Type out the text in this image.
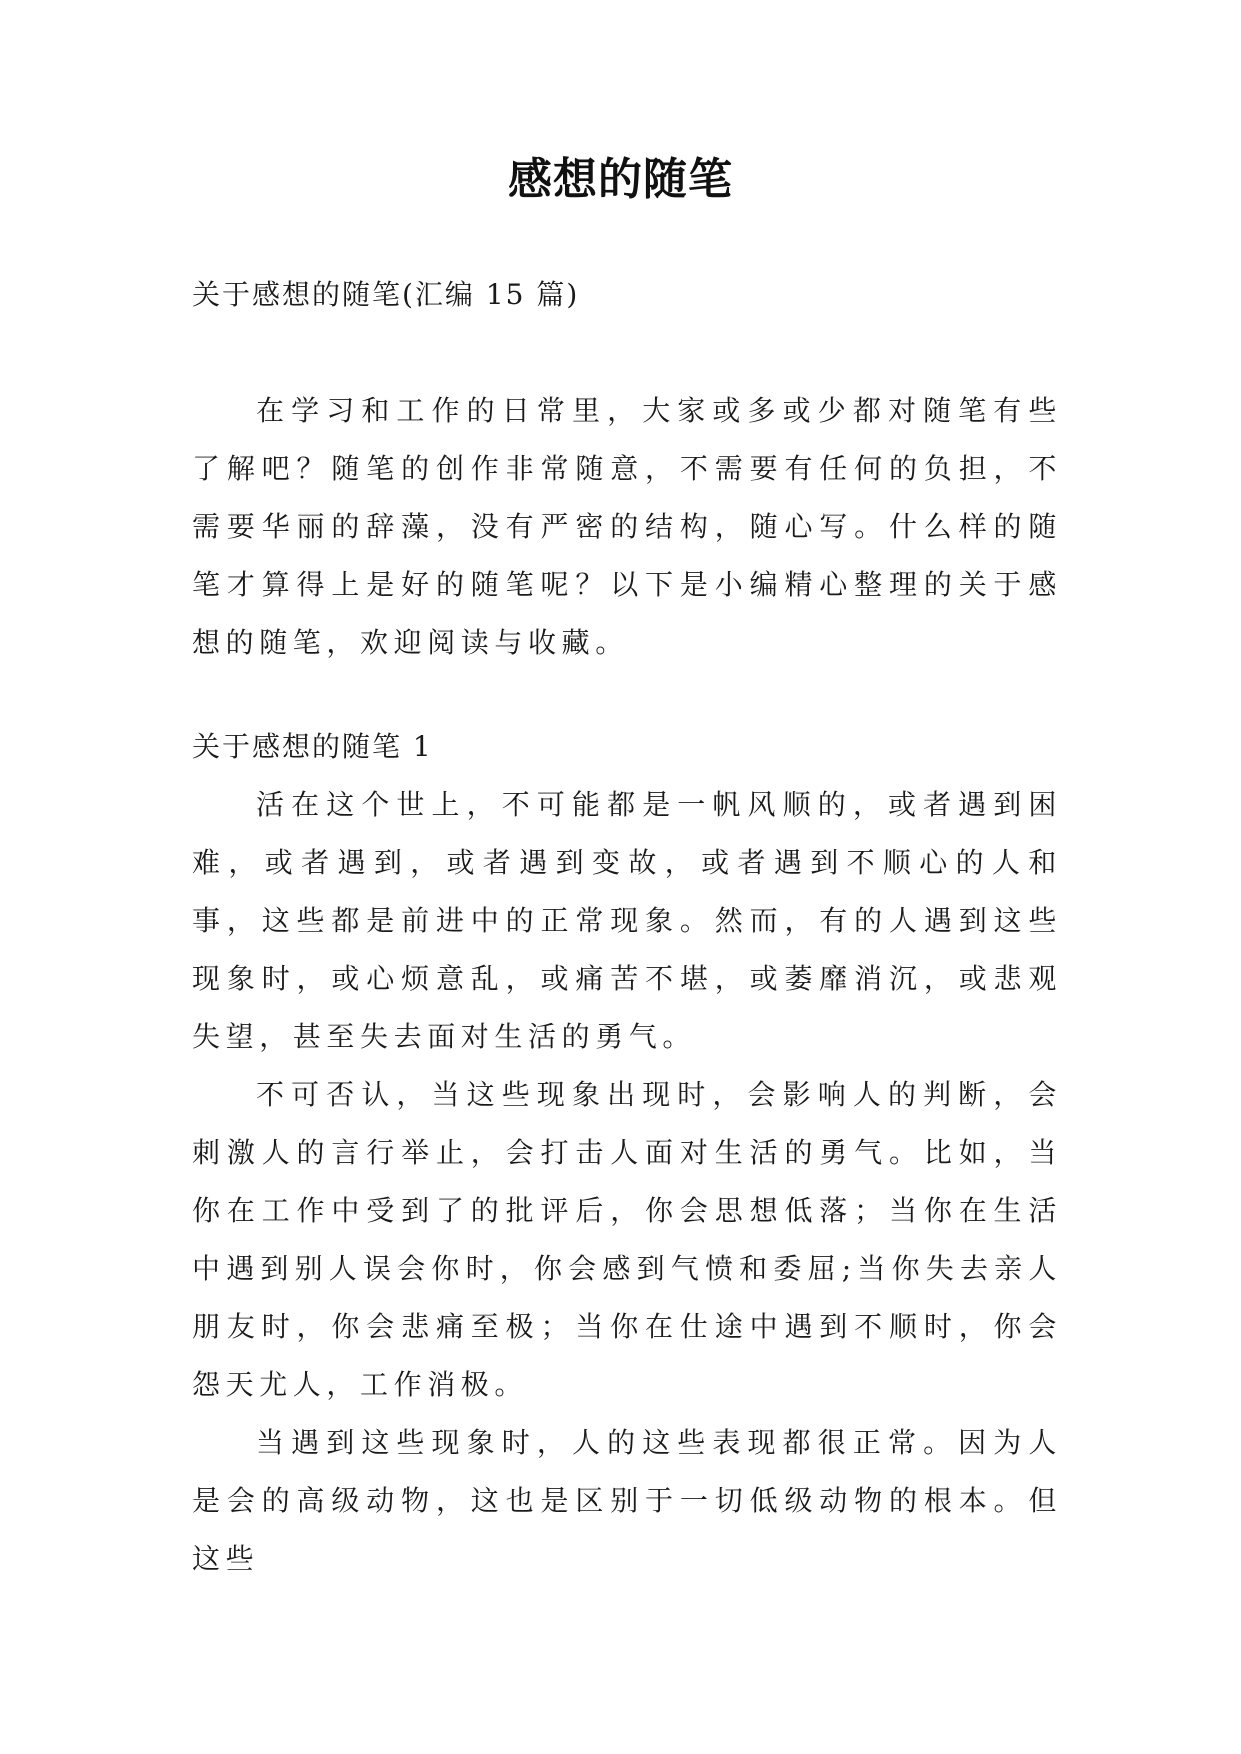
感想的随笔

关于感想的随笔(汇编 15 篇)

在学习和工作的日常里，大家或多或少都对随笔有些了解吧？随笔的创作非常随意，不需要有任何的负担，不需要华丽的辞藻，没有严密的结构，随心写。什么样的随笔才算得上是好的随笔呢？以下是小编精心整理的关于感想的随笔，欢迎阅读与收藏。

关于感想的随笔 1

活在这个世上，不可能都是一帆风顺的，或者遇到困难，或者遇到，或者遇到变故，或者遇到不顺心的人和事，这些都是前进中的正常现象。然而，有的人遇到这些现象时，或心烦意乱，或痛苦不堪，或萎靡消沉，或悲观失望，甚至失去面对生活的勇气。

不可否认，当这些现象出现时，会影响人的判断，会刺激人的言行举止，会打击人面对生活的勇气。比如，当你在工作中受到了的批评后，你会思想低落；当你在生活中遇到别人误会你时，你会感到气愤和委屈;当你失去亲人朋友时，你会悲痛至极；当你在仕途中遇到不顺时，你会怨天尤人，工作消极。

当遇到这些现象时，人的这些表现都很正常。因为人是会的高级动物，这也是区别于一切低级动物的根本。但这些
